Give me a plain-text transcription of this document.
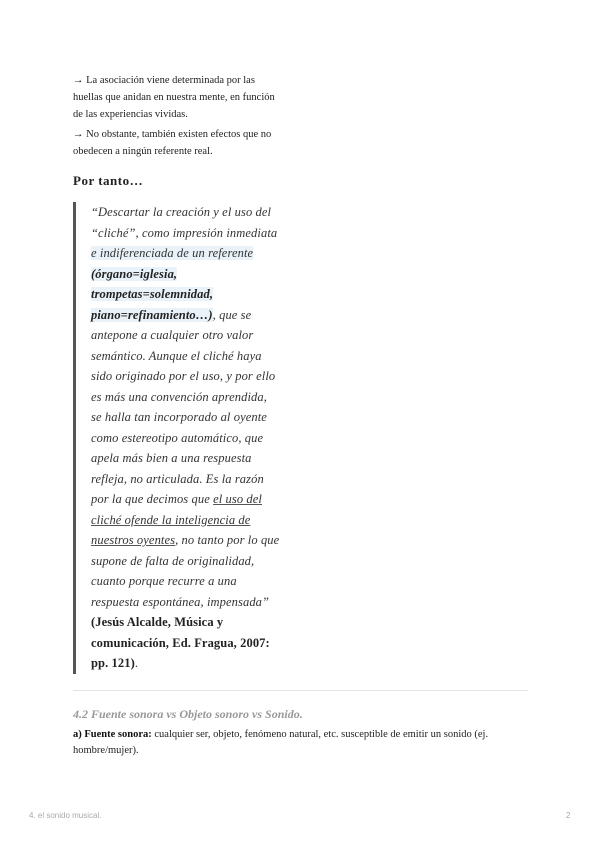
→ La asociación viene determinada por las
huellas que anidan en nuestra mente, en función
de las experiencias vividas.
→ No obstante, también existen efectos que no
obedecen a ningún referente real.
Por tanto…
“Descartar la creación y el uso del
“cliché”, como impresión inmediata
e indiferenciada de un referente
(órgano=iglesia,
trompetas=solemnidad,
piano=refinamiento…), que se
antepone a cualquier otro valor
semántico. Aunque el cliché haya
sido originado por el uso, y por ello
es más una convención aprendida,
se halla tan incorporado al oyente
como estereotipo automático, que
apela más bien a una respuesta
refleja, no articulada. Es la razón
por la que decimos que el uso del
cliché ofende la inteligencia de
nuestros oyentes, no tanto por lo que
supone de falta de originalidad,
cuanto porque recurre a una
respuesta espontánea, impensada”
(Jesús Alcalde, Música y
comunicación, Ed. Fragua, 2007:
pp. 121).
4.2 Fuente sonora vs Objeto sonoro vs Sonido.
a) Fuente sonora: cualquier ser, objeto, fenómeno natural, etc. susceptible de emitir un sonido (ej. hombre/mujer).
4. el sonido musical.	2
